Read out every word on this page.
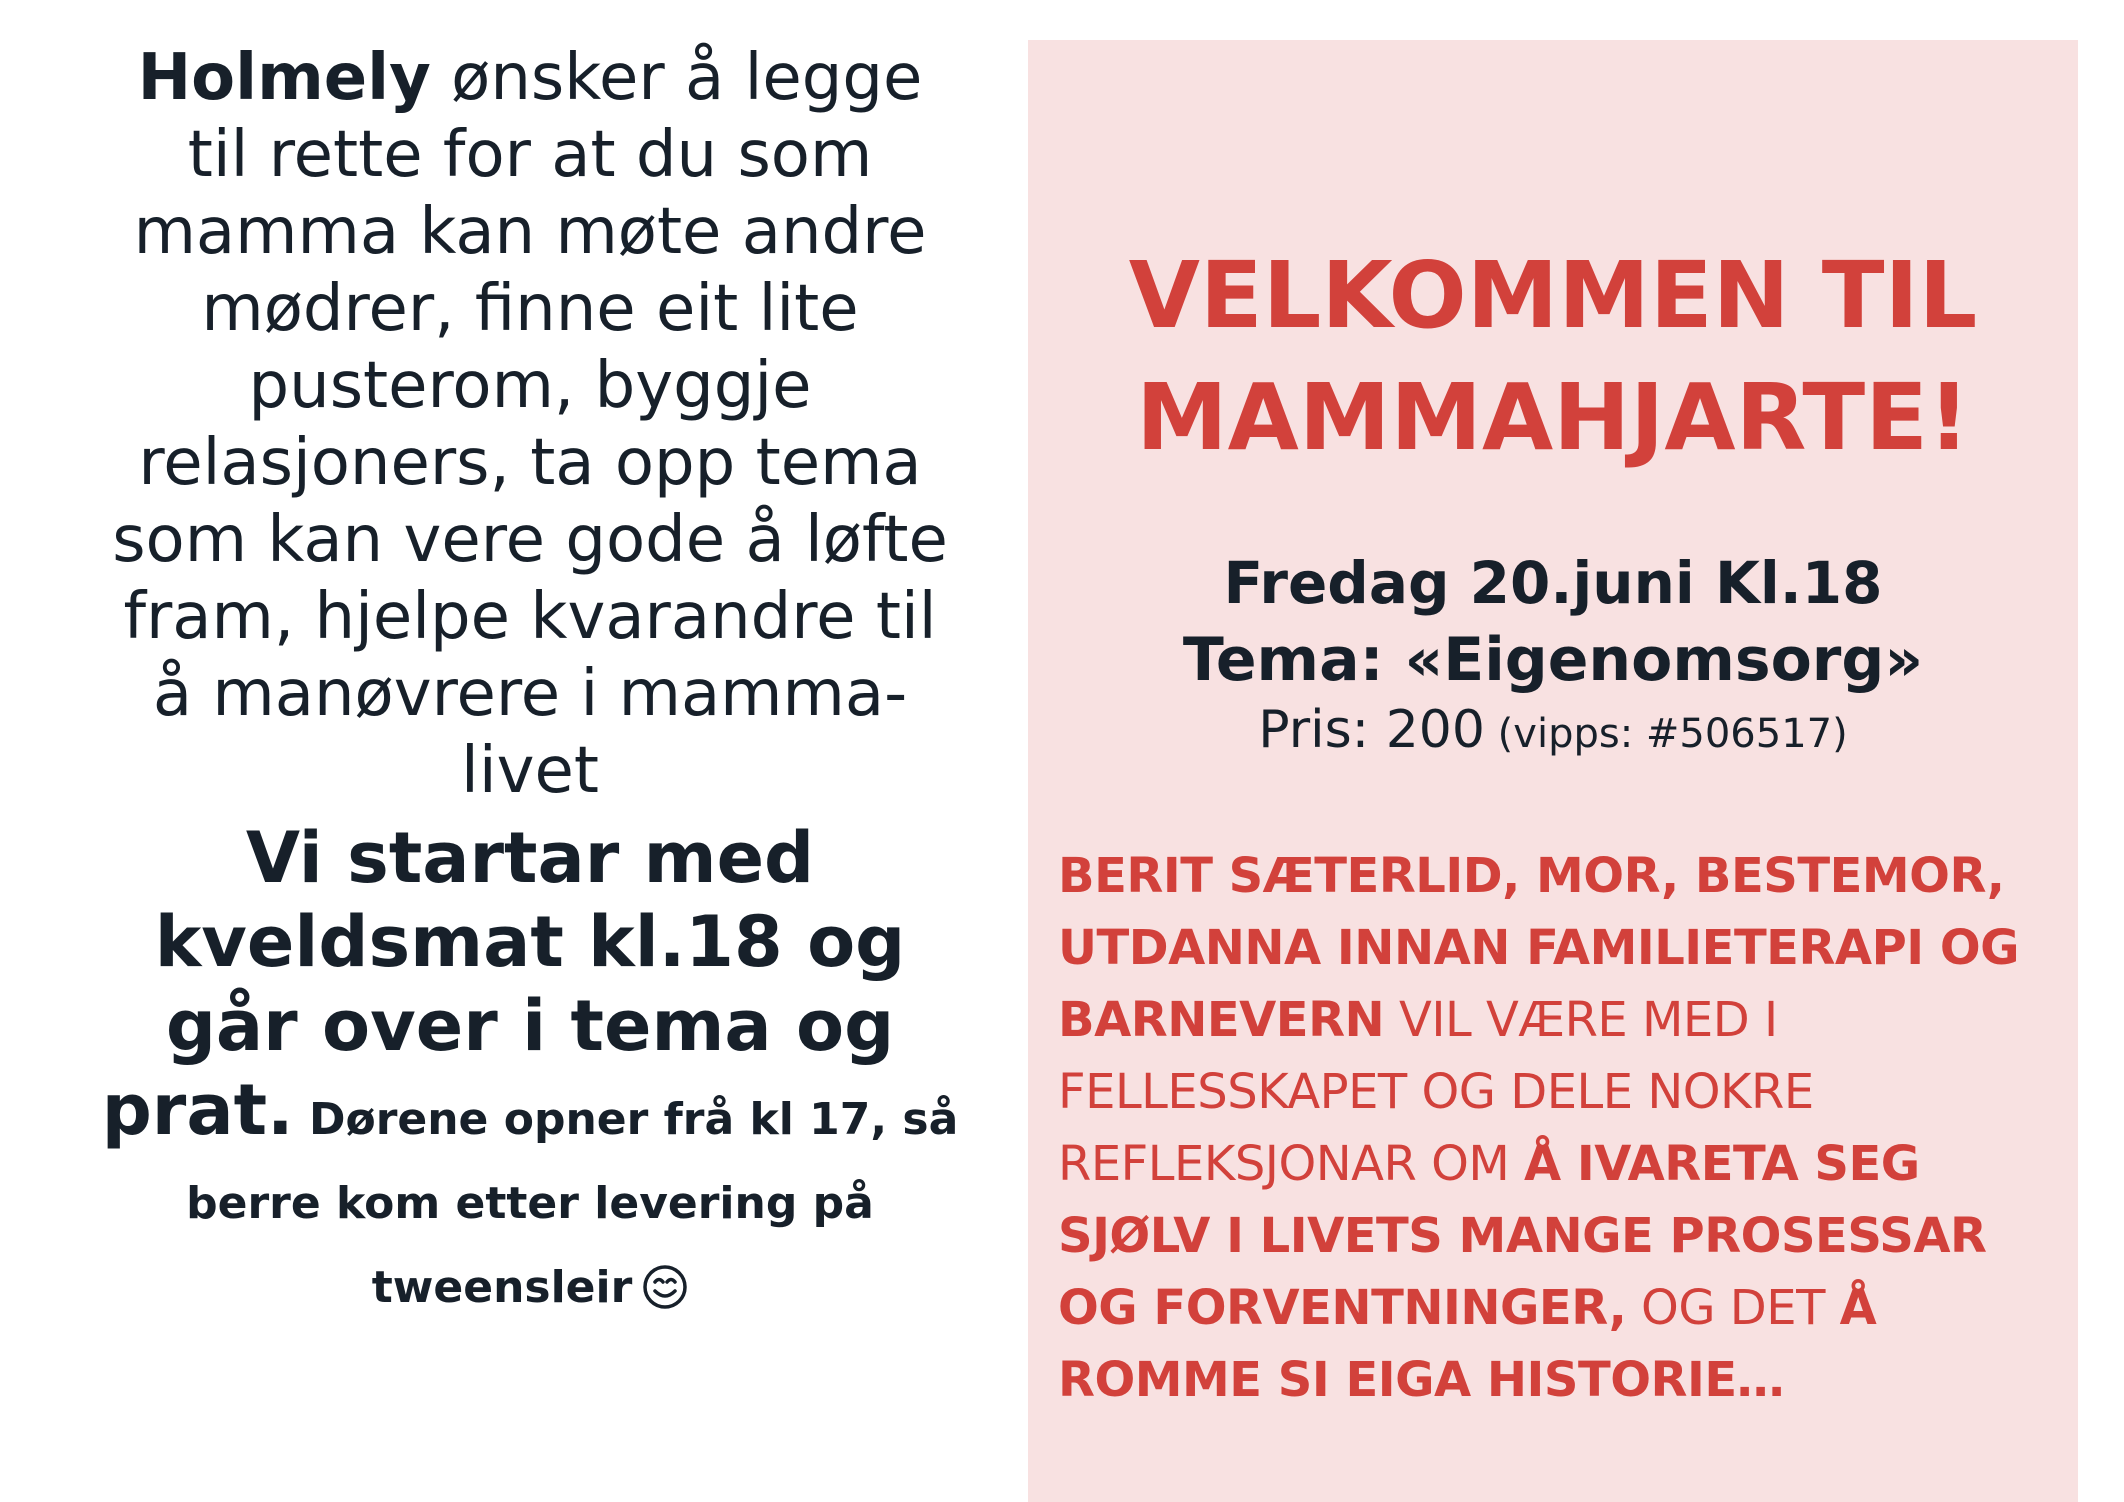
Holmely ønsker å legge til rette for at du som mamma kan møte andre mødrer, finne eit lite pusterom, byggje relasjoners, ta opp tema som kan vere gode å løfte fram, hjelpe kvarandre til å manøvrere i mamma-livet

Vi startar med kveldsmat kl.18 og går over i tema og prat. Dørene opner frå kl 17, så berre kom etter levering på tweensleir

VELKOMMEN TIL
MAMMAHJARTE!
Fredag 20.juni Kl.18
Tema: «Eigenomsorg»
Pris: 200 (vipps: #506517)

BERIT SÆTERLID, MOR, BESTEMOR, UTDANNA INNAN FAMILIETERAPI OG BARNEVERN VIL VÆRE MED I FELLESSKAPET OG DELE NOKRE REFLEKSJONAR OM Å IVARETA SEG SJØLV I LIVETS MANGE PROSESSAR OG FORVENTNINGER, OG DET Å ROMME SI EIGA HISTORIE…
